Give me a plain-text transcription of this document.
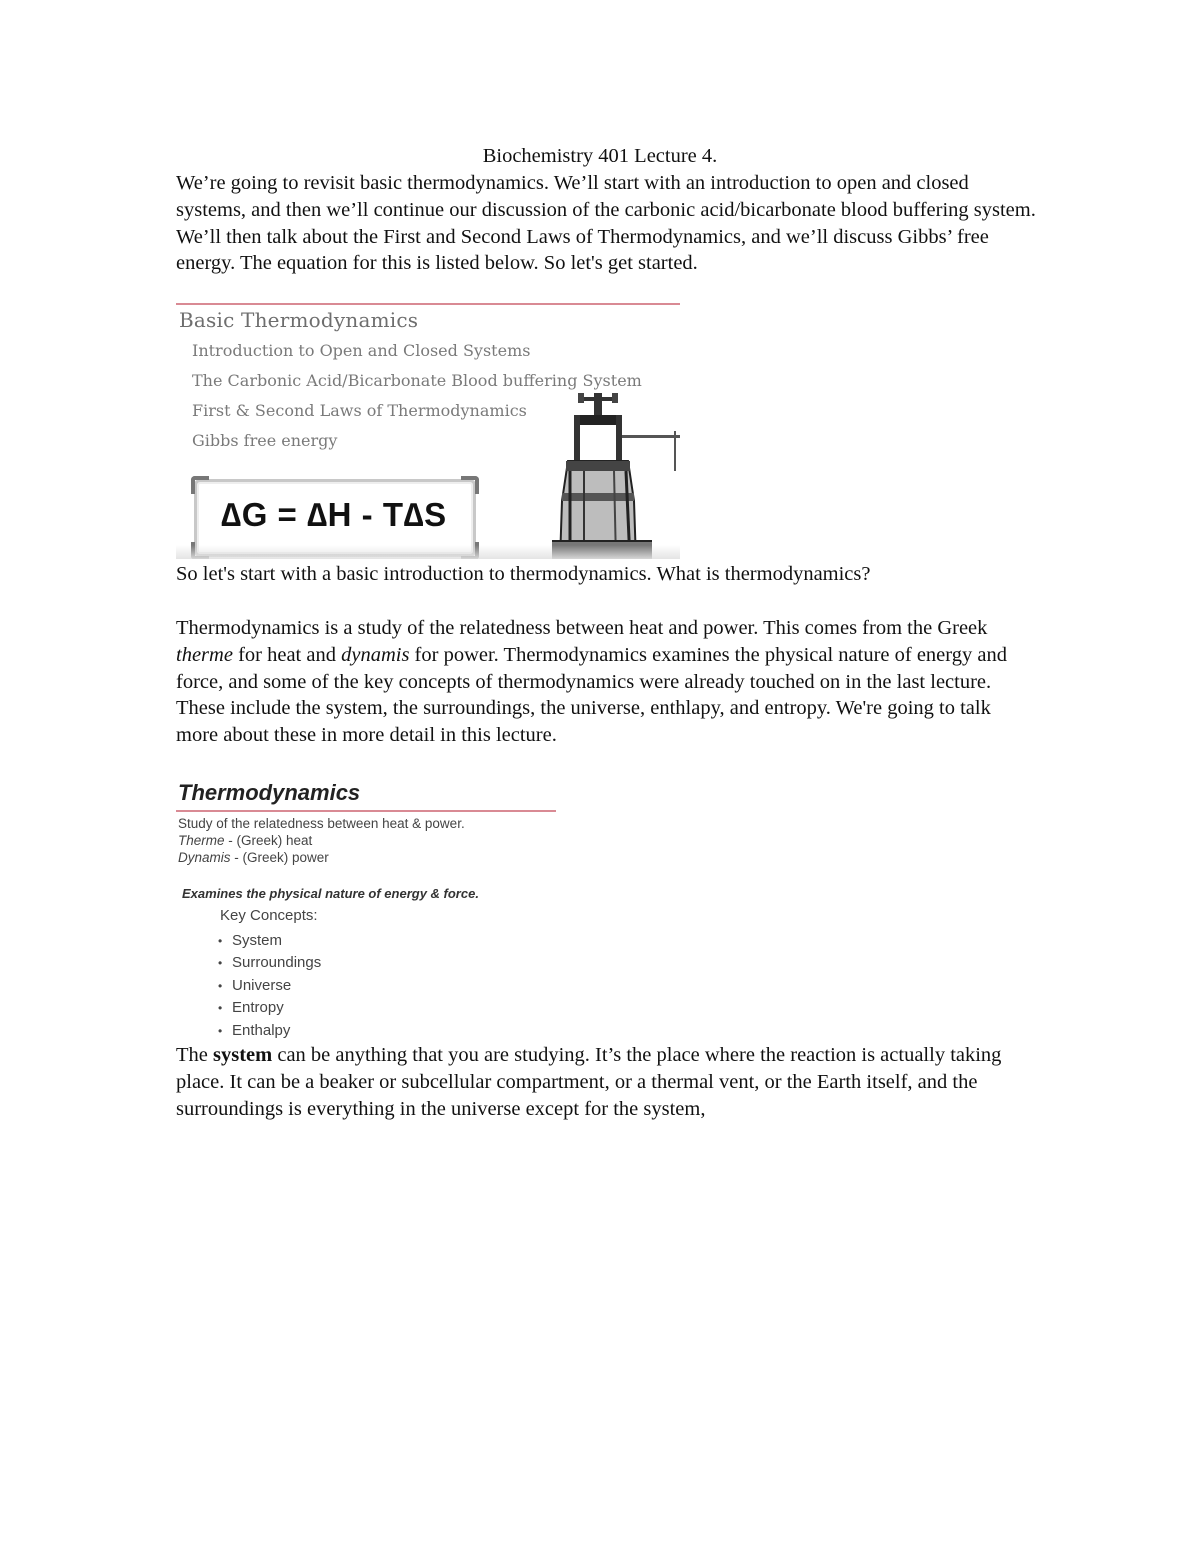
Biochemistry 401 Lecture 4.

We’re going to revisit basic thermodynamics. We’ll start with an introduction to open and closed systems, and then we’ll continue our discussion of the carbonic acid/bicarbonate blood buffering system. We’ll then talk about the First and Second Laws of Thermodynamics, and we’ll discuss Gibbs’ free energy. The equation for this is listed below. So let's get started.

Basic Thermodynamics
Introduction to Open and Closed Systems
The Carbonic Acid/Bicarbonate Blood buffering System
First & Second Laws of Thermodynamics
Gibbs free energy
∆G = ∆H - T∆S

So let's start with a basic introduction to thermodynamics. What is thermodynamics?

Thermodynamics is a study of the relatedness between heat and power. This comes from the Greek therme for heat and dynamis for power. Thermodynamics examines the physical nature of energy and force, and some of the key concepts of thermodynamics were already touched on in the last lecture. These include the system, the surroundings, the universe, enthlapy, and entropy. We're going to talk more about these in more detail in this lecture.

Thermodynamics
Study of the relatedness between heat & power.
Therme - (Greek) heat
Dynamis - (Greek) power
Examines the physical nature of energy & force.
Key Concepts:
• System
• Surroundings
• Universe
• Entropy
• Enthalpy

The system can be anything that you are studying. It’s the place where the reaction is actually taking place. It can be a beaker or subcellular compartment, or a thermal vent, or the Earth itself, and the surroundings is everything in the universe except for the system,
